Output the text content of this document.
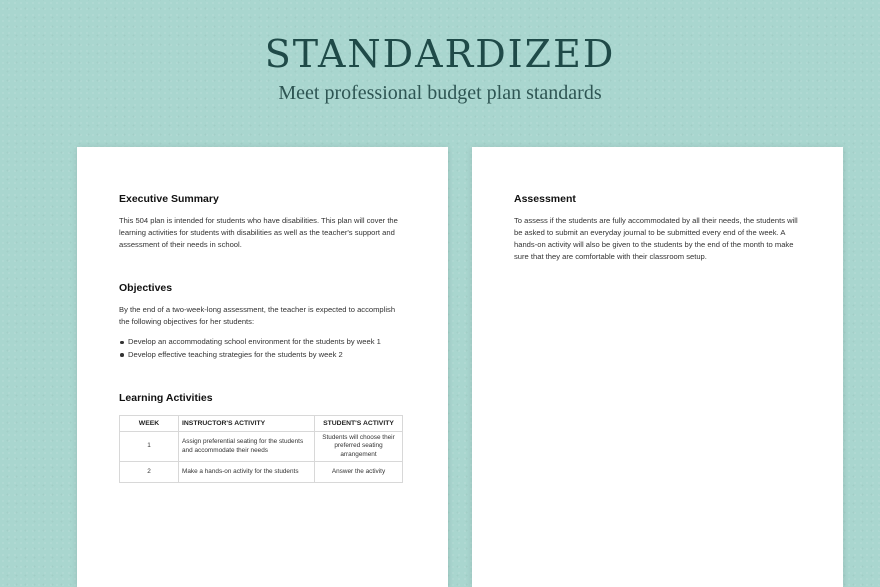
STANDARDIZED
Meet professional budget plan standards
Executive Summary

This 504 plan is intended for students who have disabilities. This plan will cover the learning activities for students with disabilities as well as the teacher's support and assessment of their needs in school.

Objectives

By the end of a two-week-long assessment, the teacher is expected to accomplish the following objectives for her students:

Develop an accommodating school environment for the students by week 1
Develop effective teaching strategies for the students by week 2
Learning Activities
WEEK	INSTRUCTOR'S ACTIVITY	STUDENT'S ACTIVITY
1	Assign preferential seating for the students and accommodate their needs	Students will choose their preferred seating arrangement
2	Make a hands-on activity for the students	Answer the activity
Assessment

To assess if the students are fully accommodated by all their needs, the students will be asked to submit an everyday journal to be submitted every end of the week. A hands-on activity will also be given to the students by the end of the month to make sure that they are comfortable with their classroom setup.
